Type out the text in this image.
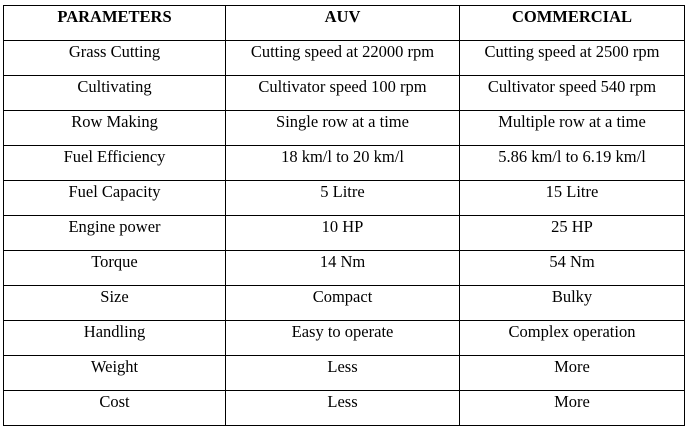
PARAMETERS	AUV	COMMERCIAL
Grass Cutting	Cutting speed at 22000 rpm	Cutting speed at 2500 rpm
Cultivating	Cultivator speed 100 rpm	Cultivator speed 540 rpm
Row Making	Single row at a time	Multiple row at a time
Fuel Efficiency	18 km/l to 20 km/l	5.86 km/l to 6.19 km/l
Fuel Capacity	5 Litre	15 Litre
Engine power	10 HP	25 HP
Torque	14 Nm	54 Nm
Size	Compact	Bulky
Handling	Easy to operate	Complex operation
Weight	Less	More
Cost	Less	More
